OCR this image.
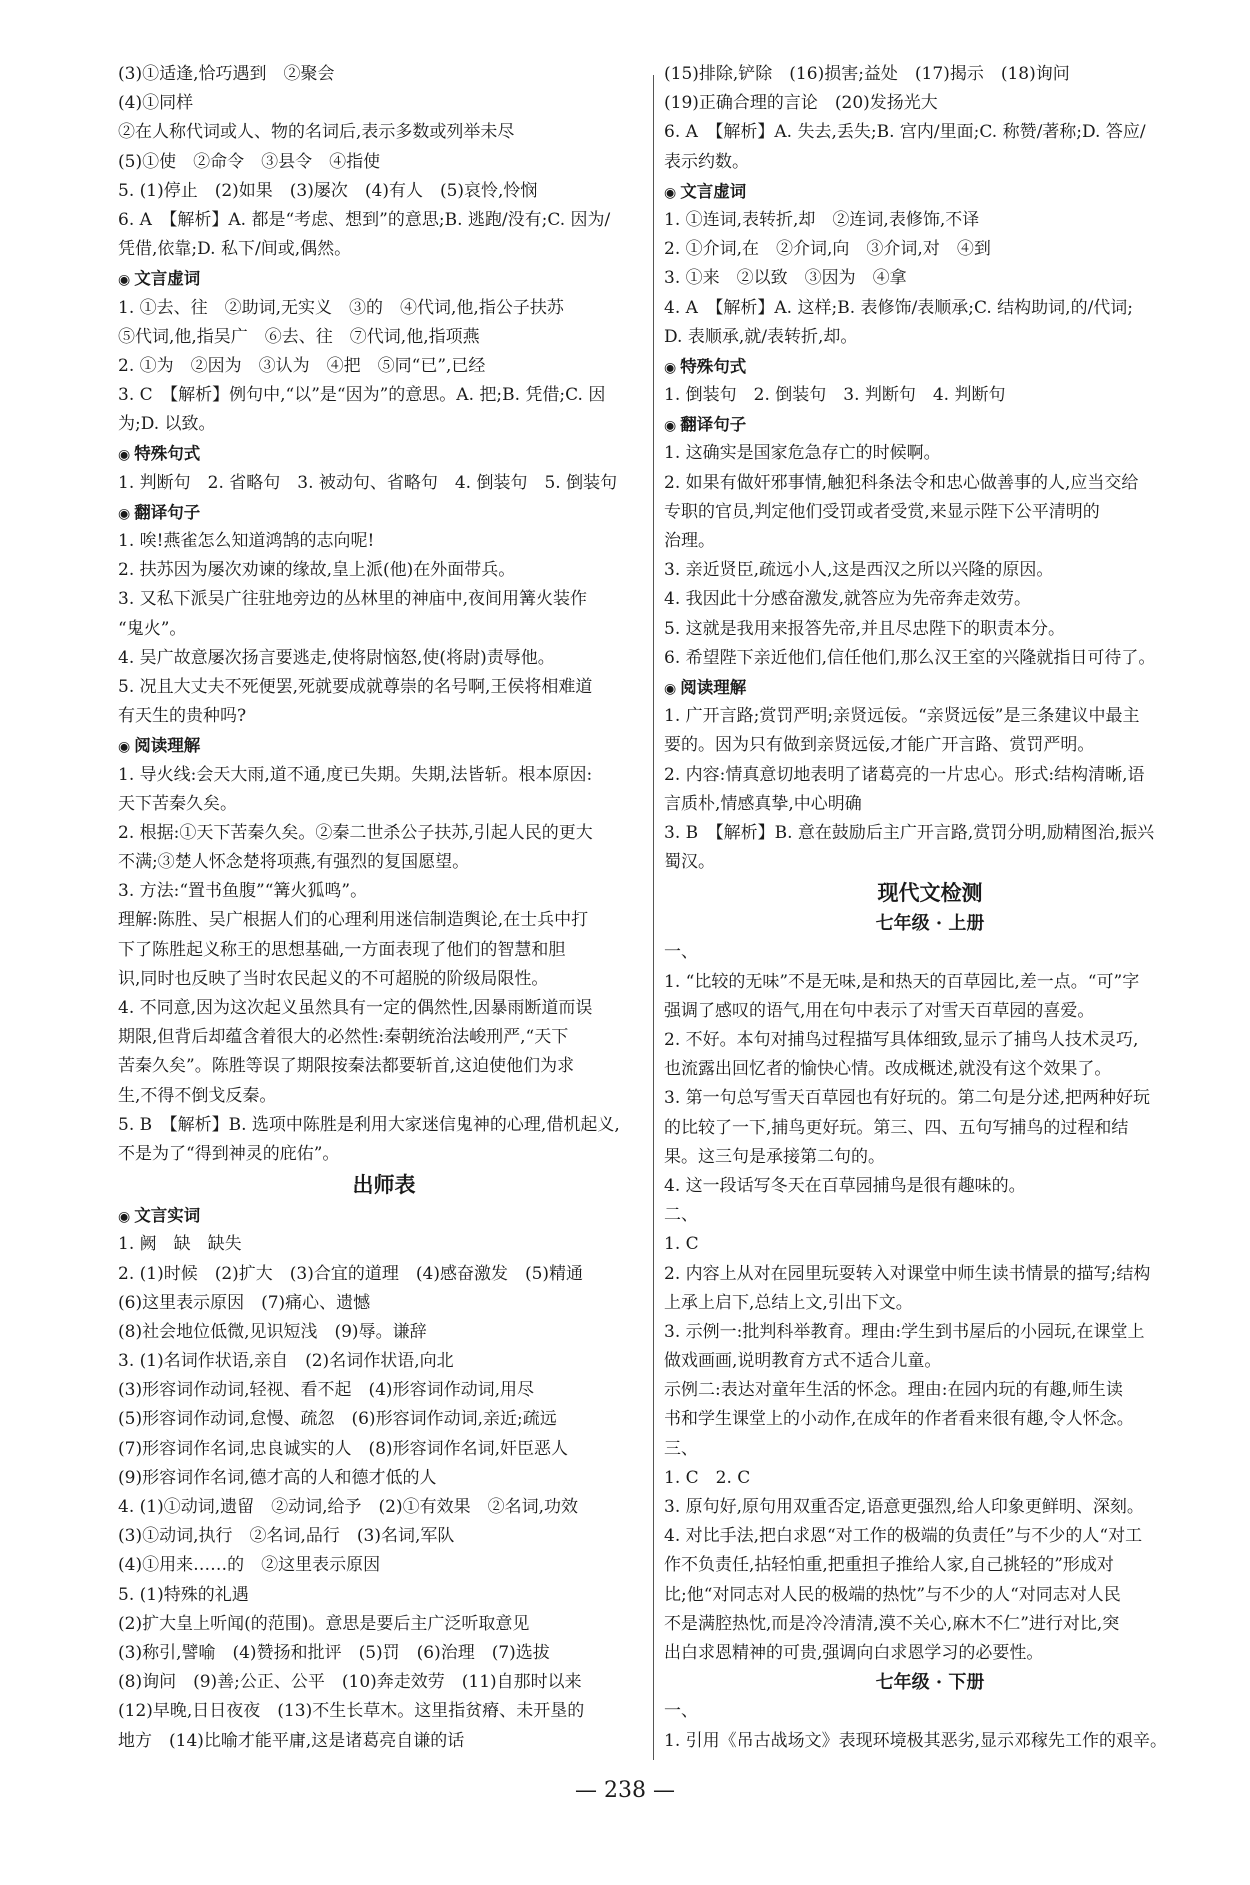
(3)①适逢,恰巧遇到　②聚会
(4)①同样
②在人称代词或人、物的名词后,表示多数或列举未尽
(5)①使　②命令　③县令　④指使
5. (1)停止　(2)如果　(3)屡次　(4)有人　(5)哀怜,怜悯
6. A　【解析】A. 都是“考虑、想到”的意思;B. 逃跑/没有;C. 因为/
凭借,依靠;D. 私下/间或,偶然。
◉ 文言虚词
1. ①去、往　②助词,无实义　③的　④代词,他,指公子扶苏
⑤代词,他,指吴广　⑥去、往　⑦代词,他,指项燕
2. ①为　②因为　③认为　④把　⑤同“已”,已经
3. C　【解析】例句中,“以”是“因为”的意思。A. 把;B. 凭借;C. 因
为;D. 以致。
◉ 特殊句式
1. 判断句　2. 省略句　3. 被动句、省略句　4. 倒装句　5. 倒装句
◉ 翻译句子
1. 唉!燕雀怎么知道鸿鹄的志向呢!
2. 扶苏因为屡次劝谏的缘故,皇上派(他)在外面带兵。
3. 又私下派吴广往驻地旁边的丛林里的神庙中,夜间用篝火装作
“鬼火”。
4. 吴广故意屡次扬言要逃走,使将尉恼怒,使(将尉)责辱他。
5. 况且大丈夫不死便罢,死就要成就尊崇的名号啊,王侯将相难道
有天生的贵种吗?
◉ 阅读理解
1. 导火线:会天大雨,道不通,度已失期。失期,法皆斩。根本原因:
天下苦秦久矣。
2. 根据:①天下苦秦久矣。②秦二世杀公子扶苏,引起人民的更大
不满;③楚人怀念楚将项燕,有强烈的复国愿望。
3. 方法:“置书鱼腹”“篝火狐鸣”。
理解:陈胜、吴广根据人们的心理利用迷信制造舆论,在士兵中打
下了陈胜起义称王的思想基础,一方面表现了他们的智慧和胆
识,同时也反映了当时农民起义的不可超脱的阶级局限性。
4. 不同意,因为这次起义虽然具有一定的偶然性,因暴雨断道而误
期限,但背后却蕴含着很大的必然性:秦朝统治法峻刑严,“天下
苦秦久矣”。陈胜等误了期限按秦法都要斩首,这迫使他们为求
生,不得不倒戈反秦。
5. B　【解析】B. 选项中陈胜是利用大家迷信鬼神的心理,借机起义,
不是为了“得到神灵的庇佑”。
出师表
◉ 文言实词
1. 阙　缺　缺失
2. (1)时候　(2)扩大　(3)合宜的道理　(4)感奋激发　(5)精通
(6)这里表示原因　(7)痛心、遗憾
(8)社会地位低微,见识短浅　(9)辱。谦辞
3. (1)名词作状语,亲自　(2)名词作状语,向北
(3)形容词作动词,轻视、看不起　(4)形容词作动词,用尽
(5)形容词作动词,怠慢、疏忽　(6)形容词作动词,亲近;疏远
(7)形容词作名词,忠良诚实的人　(8)形容词作名词,奸臣恶人
(9)形容词作名词,德才高的人和德才低的人
4. (1)①动词,遗留　②动词,给予　(2)①有效果　②名词,功效
(3)①动词,执行　②名词,品行　(3)名词,军队
(4)①用来……的　②这里表示原因
5. (1)特殊的礼遇
(2)扩大皇上听闻(的范围)。意思是要后主广泛听取意见
(3)称引,譬喻　(4)赞扬和批评　(5)罚　(6)治理　(7)选拔
(8)询问　(9)善;公正、公平　(10)奔走效劳　(11)自那时以来
(12)早晚,日日夜夜　(13)不生长草木。这里指贫瘠、未开垦的
地方　(14)比喻才能平庸,这是诸葛亮自谦的话
(15)排除,铲除　(16)损害;益处　(17)揭示　(18)询问
(19)正确合理的言论　(20)发扬光大
6. A　【解析】A. 失去,丢失;B. 宫内/里面;C. 称赞/著称;D. 答应/
表示约数。
◉ 文言虚词
1. ①连词,表转折,却　②连词,表修饰,不译
2. ①介词,在　②介词,向　③介词,对　④到
3. ①来　②以致　③因为　④拿
4. A　【解析】A. 这样;B. 表修饰/表顺承;C. 结构助词,的/代词;
D. 表顺承,就/表转折,却。
◉ 特殊句式
1. 倒装句　2. 倒装句　3. 判断句　4. 判断句
◉ 翻译句子
1. 这确实是国家危急存亡的时候啊。
2. 如果有做奸邪事情,触犯科条法令和忠心做善事的人,应当交给
专职的官员,判定他们受罚或者受赏,来显示陛下公平清明的
治理。
3. 亲近贤臣,疏远小人,这是西汉之所以兴隆的原因。
4. 我因此十分感奋激发,就答应为先帝奔走效劳。
5. 这就是我用来报答先帝,并且尽忠陛下的职责本分。
6. 希望陛下亲近他们,信任他们,那么汉王室的兴隆就指日可待了。
◉ 阅读理解
1. 广开言路;赏罚严明;亲贤远佞。“亲贤远佞”是三条建议中最主
要的。因为只有做到亲贤远佞,才能广开言路、赏罚严明。
2. 内容:情真意切地表明了诸葛亮的一片忠心。形式:结构清晰,语
言质朴,情感真挚,中心明确
3. B　【解析】B. 意在鼓励后主广开言路,赏罚分明,励精图治,振兴
蜀汉。
现代文检测
七年级 · 上册
一、
1. “比较的无味”不是无味,是和热天的百草园比,差一点。“可”字
强调了感叹的语气,用在句中表示了对雪天百草园的喜爱。
2. 不好。本句对捕鸟过程描写具体细致,显示了捕鸟人技术灵巧,
也流露出回忆者的愉快心情。改成概述,就没有这个效果了。
3. 第一句总写雪天百草园也有好玩的。第二句是分述,把两种好玩
的比较了一下,捕鸟更好玩。第三、四、五句写捕鸟的过程和结
果。这三句是承接第二句的。
4. 这一段话写冬天在百草园捕鸟是很有趣味的。
二、
1. C
2. 内容上从对在园里玩耍转入对课堂中师生读书情景的描写;结构
上承上启下,总结上文,引出下文。
3. 示例一:批判科举教育。理由:学生到书屋后的小园玩,在课堂上
做戏画画,说明教育方式不适合儿童。
示例二:表达对童年生活的怀念。理由:在园内玩的有趣,师生读
书和学生课堂上的小动作,在成年的作者看来很有趣,令人怀念。
三、
1. C　2. C
3. 原句好,原句用双重否定,语意更强烈,给人印象更鲜明、深刻。
4. 对比手法,把白求恩“对工作的极端的负责任”与不少的人“对工
作不负责任,拈轻怕重,把重担子推给人家,自己挑轻的”形成对
比;他“对同志对人民的极端的热忱”与不少的人“对同志对人民
不是满腔热忱,而是冷冷清清,漠不关心,麻木不仁”进行对比,突
出白求恩精神的可贵,强调向白求恩学习的必要性。
七年级 · 下册
一、
1. 引用《吊古战场文》表现环境极其恶劣,显示邓稼先工作的艰辛。
— 238 —
